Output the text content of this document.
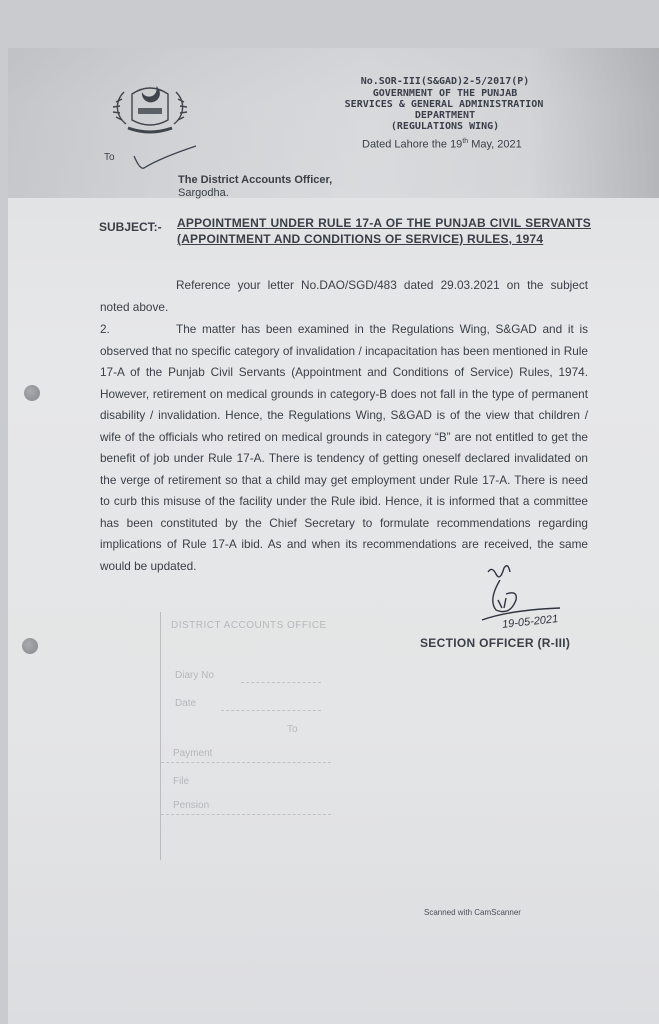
No.SOR-III(S&GAD)2-5/2017(P)
GOVERNMENT OF THE PUNJAB
SERVICES & GENERAL ADMINISTRATION
DEPARTMENT
(REGULATIONS WING)
Dated Lahore the 19th May, 2021
To
The District Accounts Officer,
Sargodha.
SUBJECT:- APPOINTMENT UNDER RULE 17-A OF THE PUNJAB CIVIL SERVANTS (APPOINTMENT AND CONDITIONS OF SERVICE) RULES, 1974
Reference your letter No.DAO/SGD/483 dated 29.03.2021 on the subject noted above.
2.	The matter has been examined in the Regulations Wing, S&GAD and it is observed that no specific category of invalidation / incapacitation has been mentioned in Rule 17-A of the Punjab Civil Servants (Appointment and Conditions of Service) Rules, 1974. However, retirement on medical grounds in category-B does not fall in the type of permanent disability / invalidation. Hence, the Regulations Wing, S&GAD is of the view that children / wife of the officials who retired on medical grounds in category “B” are not entitled to get the benefit of job under Rule 17-A. There is tendency of getting oneself declared invalidated on the verge of retirement so that a child may get employment under Rule 17-A. There is need to curb this misuse of the facility under the Rule ibid. Hence, it is informed that a committee has been constituted by the Chief Secretary to formulate recommendations regarding implications of Rule 17-A ibid. As and when its recommendations are received, the same would be updated.
19-05-2021
SECTION OFFICER (R-III)
DISTRICT ACCOUNTS OFFICE
Diary No
Date
To
Payment
File
Pension
Scanned with CamScanner
